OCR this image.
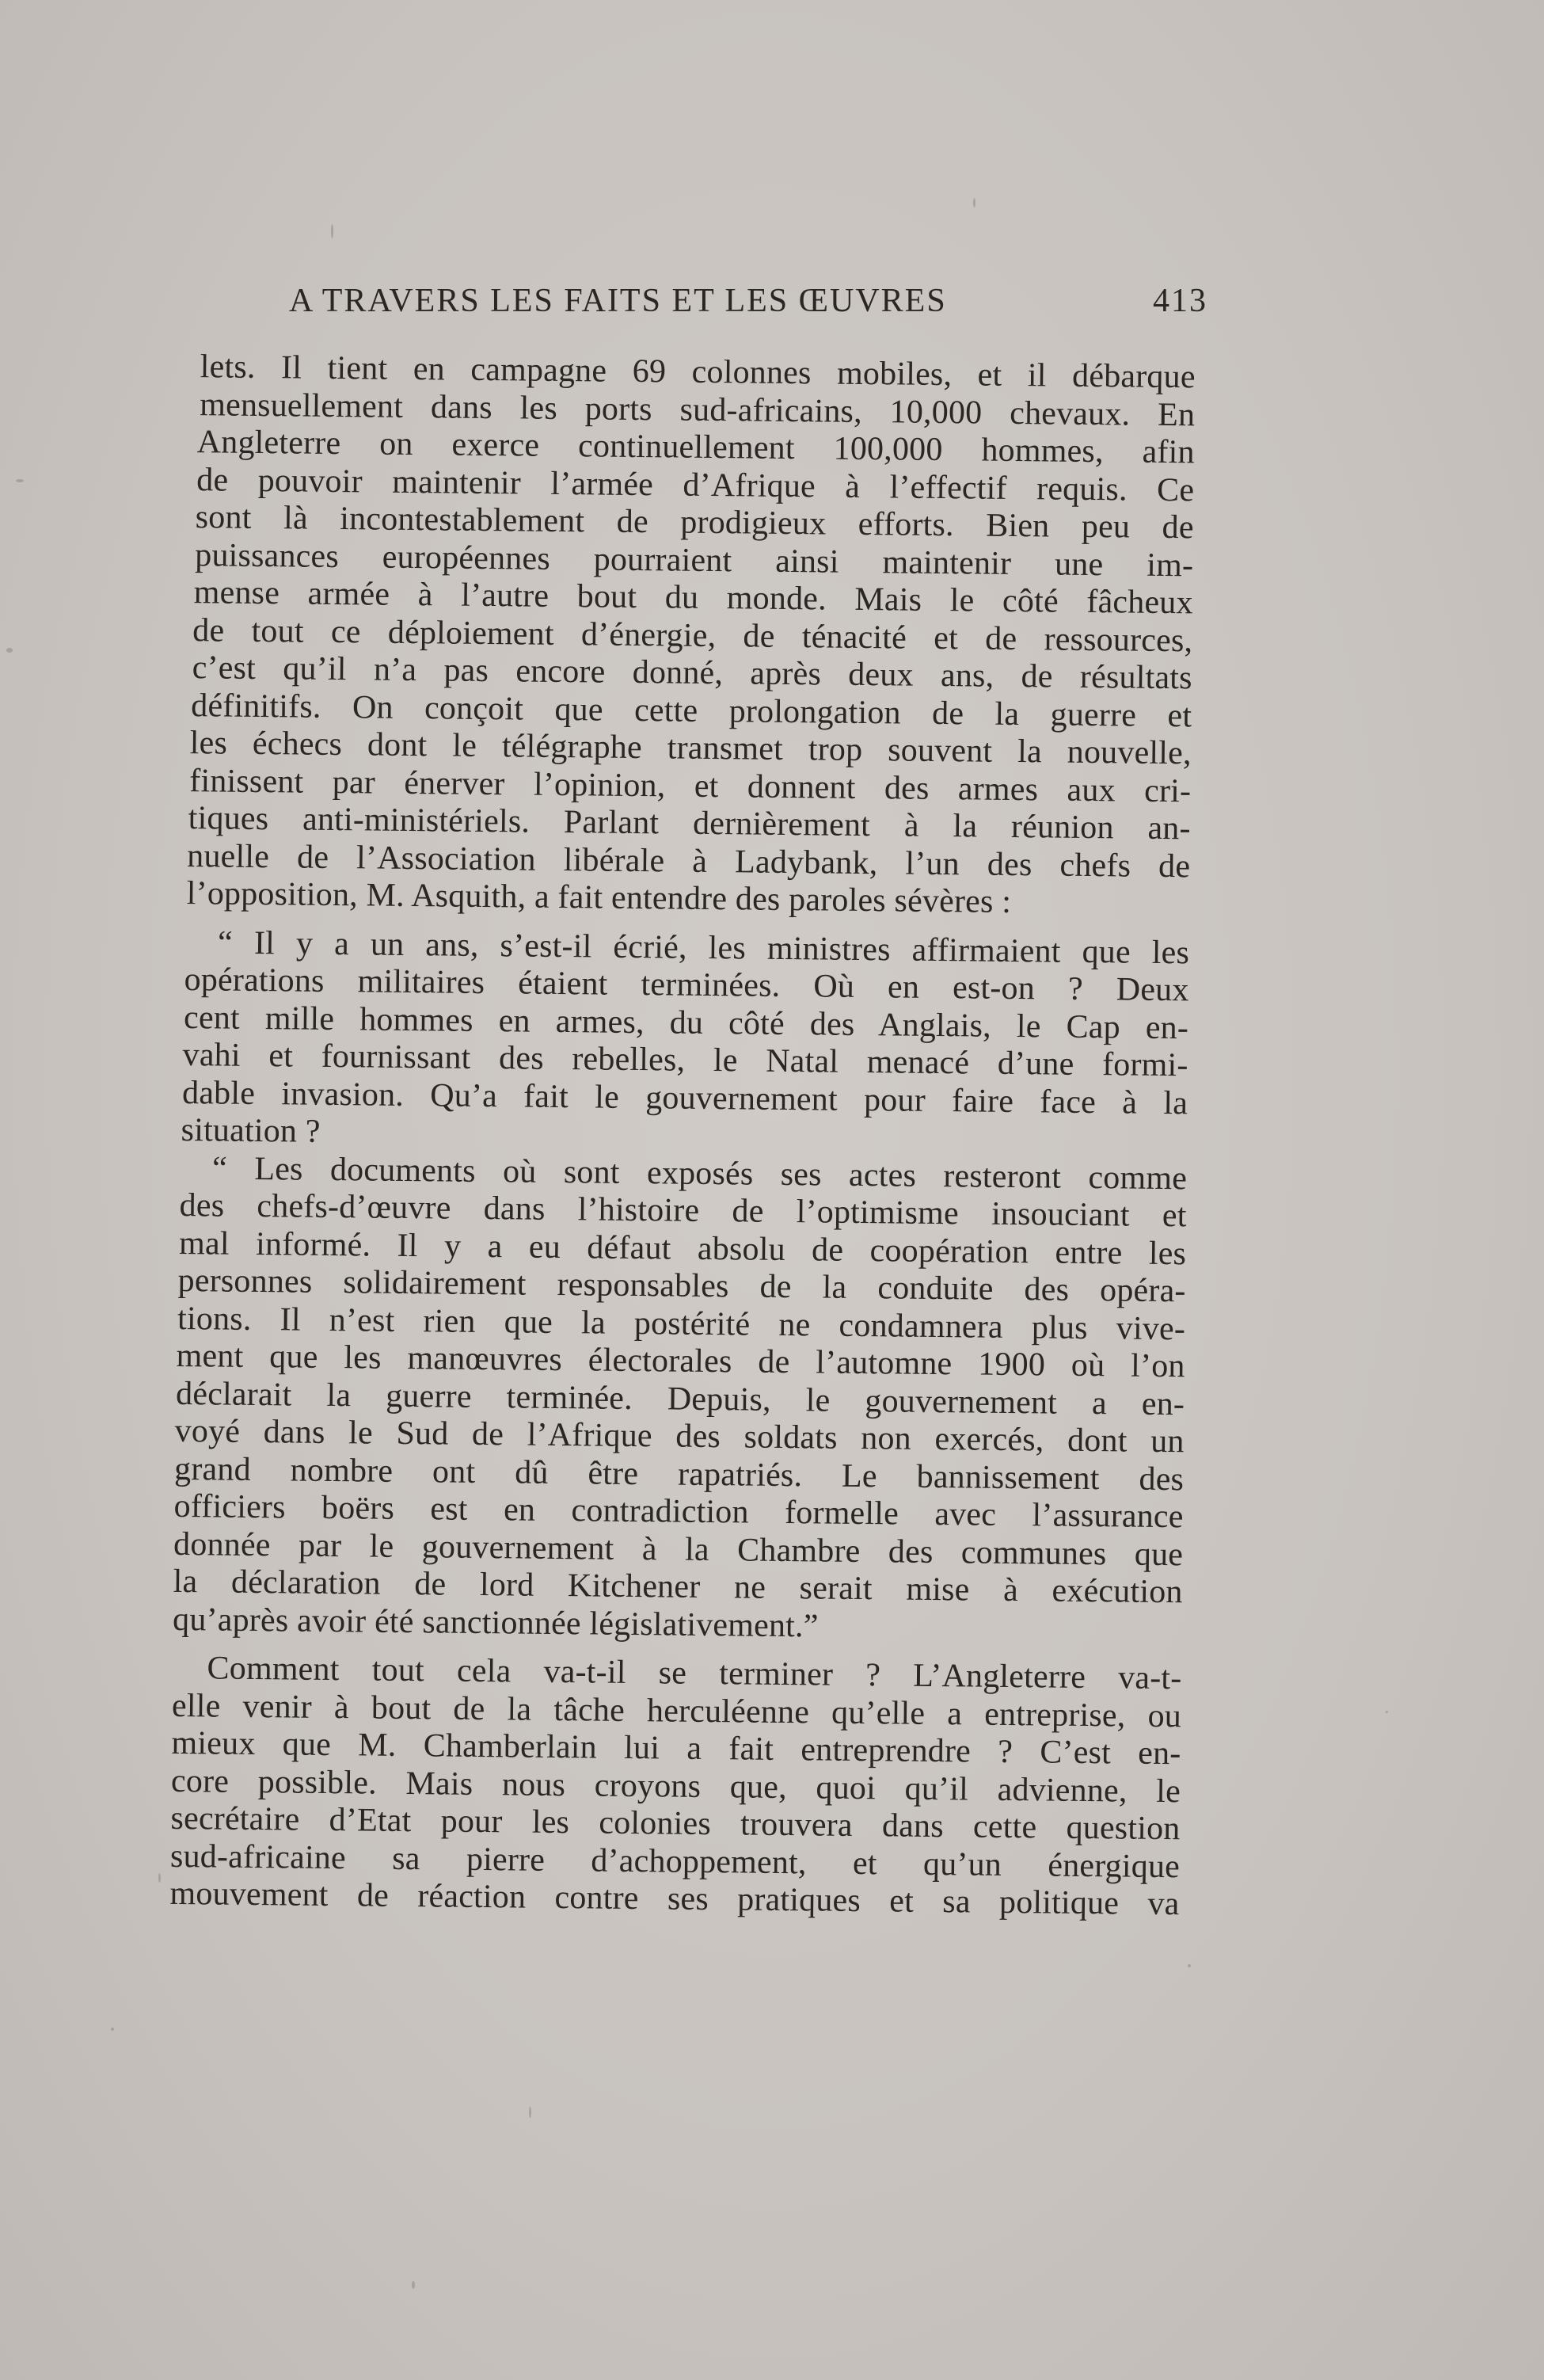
A TRAVERS LES FAITS ET LES ŒUVRES	413
lets. Il tient en campagne 69 colonnes mobiles, et il débarque
mensuellement dans les ports sud-africains, 10,000 chevaux. En
Angleterre on exerce continuellement 100,000 hommes, afin
de pouvoir maintenir l’armée d’Afrique à l’effectif requis. Ce
sont là incontestablement de prodigieux efforts. Bien peu de
puissances européennes pourraient ainsi maintenir une im-
mense armée à l’autre bout du monde. Mais le côté fâcheux
de tout ce déploiement d’énergie, de ténacité et de ressources,
c’est qu’il n’a pas encore donné, après deux ans, de résultats
définitifs. On conçoit que cette prolongation de la guerre et
les échecs dont le télégraphe transmet trop souvent la nouvelle,
finissent par énerver l’opinion, et donnent des armes aux cri-
tiques anti-ministériels. Parlant dernièrement à la réunion an-
nuelle de l’Association libérale à Ladybank, l’un des chefs de
l’opposition, M. Asquith, a fait entendre des paroles sévères :
“ Il y a un ans, s’est-il écrié, les ministres affirmaient que les
opérations militaires étaient terminées. Où en est-on ? Deux
cent mille hommes en armes, du côté des Anglais, le Cap en-
vahi et fournissant des rebelles, le Natal menacé d’une formi-
dable invasion. Qu’a fait le gouvernement pour faire face à la
situation ?
“ Les documents où sont exposés ses actes resteront comme
des chefs-d’œuvre dans l’histoire de l’optimisme insouciant et
mal informé. Il y a eu défaut absolu de coopération entre les
personnes solidairement responsables de la conduite des opéra-
tions. Il n’est rien que la postérité ne condamnera plus vive-
ment que les manœuvres électorales de l’automne 1900 où l’on
déclarait la guerre terminée. Depuis, le gouvernement a en-
voyé dans le Sud de l’Afrique des soldats non exercés, dont un
grand nombre ont dû être rapatriés. Le bannissement des
officiers boërs est en contradiction formelle avec l’assurance
donnée par le gouvernement à la Chambre des communes que
la déclaration de lord Kitchener ne serait mise à exécution
qu’après avoir été sanctionnée législativement.”
Comment tout cela va-t-il se terminer ? L’Angleterre va-t-
elle venir à bout de la tâche herculéenne qu’elle a entreprise, ou
mieux que M. Chamberlain lui a fait entreprendre ? C’est en-
core possible. Mais nous croyons que, quoi qu’il advienne, le
secrétaire d’Etat pour les colonies trouvera dans cette question
sud-africaine sa pierre d’achoppement, et qu’un énergique
mouvement de réaction contre ses pratiques et sa politique va
